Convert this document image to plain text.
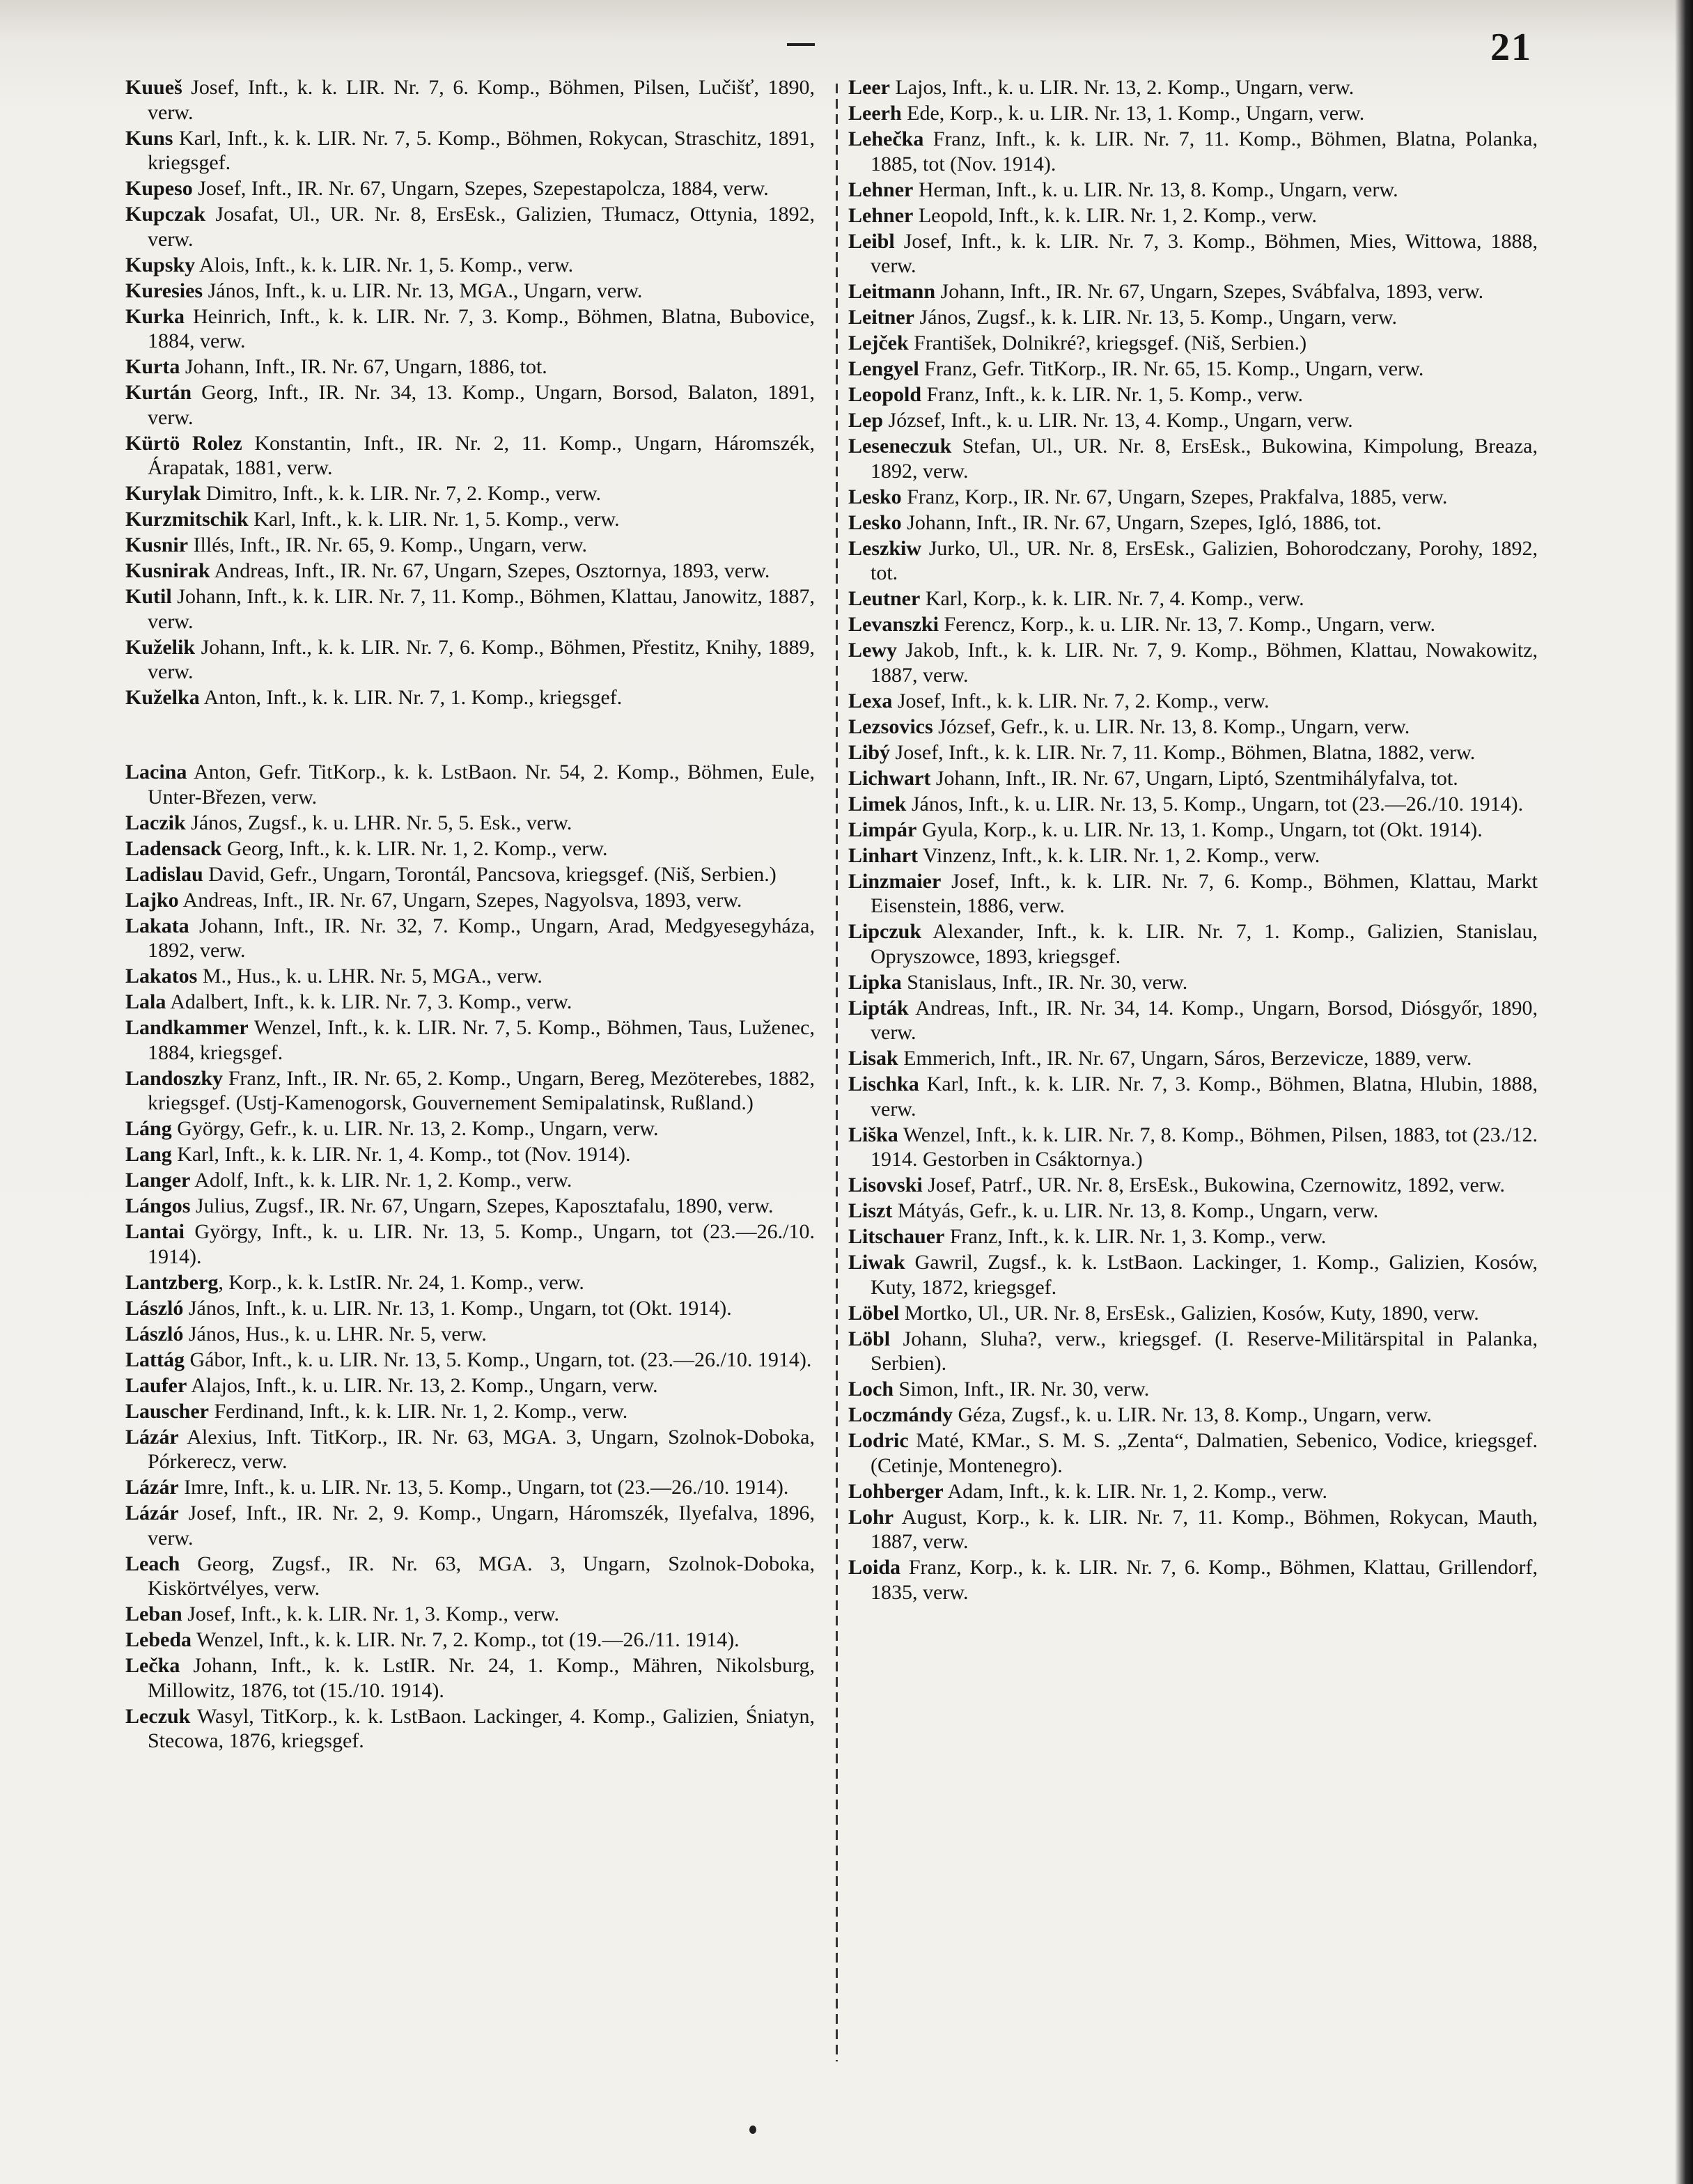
21
Kuueš Josef, Inft., k. k. LIR. Nr. 7, 6. Komp., Böhmen, Pilsen, Lučišť, 1890, verw.
Kuns Karl, Inft., k. k. LIR. Nr. 7, 5. Komp., Böhmen, Rokycan, Straschitz, 1891, kriegsgef.
Kupeso Josef, Inft., IR. Nr. 67, Ungarn, Szepes, Szepestapolcza, 1884, verw.
Kupczak Josafat, Ul., UR. Nr. 8, ErsEsk., Galizien, Tłumacz, Ottynia, 1892, verw.
Kupsky Alois, Inft., k. k. LIR. Nr. 1, 5. Komp., verw.
Kuresies János, Inft., k. u. LIR. Nr. 13, MGA., Ungarn, verw.
Kurka Heinrich, Inft., k. k. LIR. Nr. 7, 3. Komp., Böhmen, Blatna, Bubovice, 1884, verw.
Kurta Johann, Inft., IR. Nr. 67, Ungarn, 1886, tot.
Kurtán Georg, Inft., IR. Nr. 34, 13. Komp., Ungarn, Borsod, Balaton, 1891, verw.
Kürtö Rolez Konstantin, Inft., IR. Nr. 2, 11. Komp., Ungarn, Háromszék, Árapatak, 1881, verw.
Kurylak Dimitro, Inft., k. k. LIR. Nr. 7, 2. Komp., verw.
Kurzmitschik Karl, Inft., k. k. LIR. Nr. 1, 5. Komp., verw.
Kusnir Illés, Inft., IR. Nr. 65, 9. Komp., Ungarn, verw.
Kusnirak Andreas, Inft., IR. Nr. 67, Ungarn, Szepes, Osztornya, 1893, verw.
Kutil Johann, Inft., k. k. LIR. Nr. 7, 11. Komp., Böhmen, Klattau, Janowitz, 1887, verw.
Kuželik Johann, Inft., k. k. LIR. Nr. 7, 6. Komp., Böhmen, Přestitz, Knihy, 1889, verw.
Kuželka Anton, Inft., k. k. LIR. Nr. 7, 1. Komp., kriegsgef.
Lacina Anton, Gefr. TitKorp., k. k. LstBaon. Nr. 54, 2. Komp., Böhmen, Eule, Unter-Březen, verw.
Laczik János, Zugsf., k. u. LHR. Nr. 5, 5. Esk., verw.
Ladensack Georg, Inft., k. k. LIR. Nr. 1, 2. Komp., verw.
Ladislau David, Gefr., Ungarn, Torontál, Pancsova, kriegsgef. (Niš, Serbien.)
Lajko Andreas, Inft., IR. Nr. 67, Ungarn, Szepes, Nagyolsva, 1893, verw.
Lakata Johann, Inft., IR. Nr. 32, 7. Komp., Ungarn, Arad, Medgyesegyháza, 1892, verw.
Lakatos M., Hus., k. u. LHR. Nr. 5, MGA., verw.
Lala Adalbert, Inft., k. k. LIR. Nr. 7, 3. Komp., verw.
Landkammer Wenzel, Inft., k. k. LIR. Nr. 7, 5. Komp., Böhmen, Taus, Luženec, 1884, kriegsgef.
Landoszky Franz, Inft., IR. Nr. 65, 2. Komp., Ungarn, Bereg, Mezöterebes, 1882, kriegsgef. (Ustj-Kamenogorsk, Gouvernement Semipalatinsk, Rußland.)
Láng György, Gefr., k. u. LIR. Nr. 13, 2. Komp., Ungarn, verw.
Lang Karl, Inft., k. k. LIR. Nr. 1, 4. Komp., tot (Nov. 1914).
Langer Adolf, Inft., k. k. LIR. Nr. 1, 2. Komp., verw.
Lángos Julius, Zugsf., IR. Nr. 67, Ungarn, Szepes, Kaposztafalu, 1890, verw.
Lantai György, Inft., k. u. LIR. Nr. 13, 5. Komp., Ungarn, tot (23.—26./10. 1914).
Lantzberg, Korp., k. k. LstIR. Nr. 24, 1. Komp., verw.
László János, Inft., k. u. LIR. Nr. 13, 1. Komp., Ungarn, tot (Okt. 1914).
László János, Hus., k. u. LHR. Nr. 5, verw.
Lattág Gábor, Inft., k. u. LIR. Nr. 13, 5. Komp., Ungarn, tot. (23.—26./10. 1914).
Laufer Alajos, Inft., k. u. LIR. Nr. 13, 2. Komp., Ungarn, verw.
Lauscher Ferdinand, Inft., k. k. LIR. Nr. 1, 2. Komp., verw.
Lázár Alexius, Inft. TitKorp., IR. Nr. 63, MGA. 3, Ungarn, Szolnok-Doboka, Pórkerecz, verw.
Lázár Imre, Inft., k. u. LIR. Nr. 13, 5. Komp., Ungarn, tot (23.—26./10. 1914).
Lázár Josef, Inft., IR. Nr. 2, 9. Komp., Ungarn, Háromszék, Ilyefalva, 1896, verw.
Leach Georg, Zugsf., IR. Nr. 63, MGA. 3, Ungarn, Szolnok-Doboka, Kiskörtvélyes, verw.
Leban Josef, Inft., k. k. LIR. Nr. 1, 3. Komp., verw.
Lebeda Wenzel, Inft., k. k. LIR. Nr. 7, 2. Komp., tot (19.—26./11. 1914).
Lečka Johann, Inft., k. k. LstIR. Nr. 24, 1. Komp., Mähren, Nikolsburg, Millowitz, 1876, tot (15./10. 1914).
Leczuk Wasyl, TitKorp., k. k. LstBaon. Lackinger, 4. Komp., Galizien, Śniatyn, Stecowa, 1876, kriegsgef.
Leer Lajos, Inft., k. u. LIR. Nr. 13, 2. Komp., Ungarn, verw.
Leerh Ede, Korp., k. u. LIR. Nr. 13, 1. Komp., Ungarn, verw.
Lehečka Franz, Inft., k. k. LIR. Nr. 7, 11. Komp., Böhmen, Blatna, Polanka, 1885, tot (Nov. 1914).
Lehner Herman, Inft., k. u. LIR. Nr. 13, 8. Komp., Ungarn, verw.
Lehner Leopold, Inft., k. k. LIR. Nr. 1, 2. Komp., verw.
Leibl Josef, Inft., k. k. LIR. Nr. 7, 3. Komp., Böhmen, Mies, Wittowa, 1888, verw.
Leitmann Johann, Inft., IR. Nr. 67, Ungarn, Szepes, Svábfalva, 1893, verw.
Leitner János, Zugsf., k. k. LIR. Nr. 13, 5. Komp., Ungarn, verw.
Lejček František, Dolnikré?, kriegsgef. (Niš, Serbien.)
Lengyel Franz, Gefr. TitKorp., IR. Nr. 65, 15. Komp., Ungarn, verw.
Leopold Franz, Inft., k. k. LIR. Nr. 1, 5. Komp., verw.
Lep József, Inft., k. u. LIR. Nr. 13, 4. Komp., Ungarn, verw.
Leseneczuk Stefan, Ul., UR. Nr. 8, ErsEsk., Bukowina, Kimpolung, Breaza, 1892, verw.
Lesko Franz, Korp., IR. Nr. 67, Ungarn, Szepes, Prakfalva, 1885, verw.
Lesko Johann, Inft., IR. Nr. 67, Ungarn, Szepes, Igló, 1886, tot.
Leszkiw Jurko, Ul., UR. Nr. 8, ErsEsk., Galizien, Bohorodczany, Porohy, 1892, tot.
Leutner Karl, Korp., k. k. LIR. Nr. 7, 4. Komp., verw.
Levanszki Ferencz, Korp., k. u. LIR. Nr. 13, 7. Komp., Ungarn, verw.
Lewy Jakob, Inft., k. k. LIR. Nr. 7, 9. Komp., Böhmen, Klattau, Nowakowitz, 1887, verw.
Lexa Josef, Inft., k. k. LIR. Nr. 7, 2. Komp., verw.
Lezsovics József, Gefr., k. u. LIR. Nr. 13, 8. Komp., Ungarn, verw.
Libý Josef, Inft., k. k. LIR. Nr. 7, 11. Komp., Böhmen, Blatna, 1882, verw.
Lichwart Johann, Inft., IR. Nr. 67, Ungarn, Liptó, Szentmihályfalva, tot.
Limek János, Inft., k. u. LIR. Nr. 13, 5. Komp., Ungarn, tot (23.—26./10. 1914).
Limpár Gyula, Korp., k. u. LIR. Nr. 13, 1. Komp., Ungarn, tot (Okt. 1914).
Linhart Vinzenz, Inft., k. k. LIR. Nr. 1, 2. Komp., verw.
Linzmaier Josef, Inft., k. k. LIR. Nr. 7, 6. Komp., Böhmen, Klattau, Markt Eisenstein, 1886, verw.
Lipczuk Alexander, Inft., k. k. LIR. Nr. 7, 1. Komp., Galizien, Stanislau, Opryszowce, 1893, kriegsgef.
Lipka Stanislaus, Inft., IR. Nr. 30, verw.
Lipták Andreas, Inft., IR. Nr. 34, 14. Komp., Ungarn, Borsod, Diósgyőr, 1890, verw.
Lisak Emmerich, Inft., IR. Nr. 67, Ungarn, Sáros, Berzevicze, 1889, verw.
Lischka Karl, Inft., k. k. LIR. Nr. 7, 3. Komp., Böhmen, Blatna, Hlubin, 1888, verw.
Liška Wenzel, Inft., k. k. LIR. Nr. 7, 8. Komp., Böhmen, Pilsen, 1883, tot (23./12. 1914. Gestorben in Csáktornya.)
Lisovski Josef, Patrf., UR. Nr. 8, ErsEsk., Bukowina, Czernowitz, 1892, verw.
Liszt Mátyás, Gefr., k. u. LIR. Nr. 13, 8. Komp., Ungarn, verw.
Litschauer Franz, Inft., k. k. LIR. Nr. 1, 3. Komp., verw.
Liwak Gawril, Zugsf., k. k. LstBaon. Lackinger, 1. Komp., Galizien, Kosów, Kuty, 1872, kriegsgef.
Löbel Mortko, Ul., UR. Nr. 8, ErsEsk., Galizien, Kosów, Kuty, 1890, verw.
Löbl Johann, Sluha?, verw., kriegsgef. (I. Reserve-Militärspital in Palanka, Serbien).
Loch Simon, Inft., IR. Nr. 30, verw.
Loczmándy Géza, Zugsf., k. u. LIR. Nr. 13, 8. Komp., Ungarn, verw.
Lodric Maté, KMar., S. M. S. „Zenta“, Dalmatien, Sebenico, Vodice, kriegsgef. (Cetinje, Montenegro).
Lohberger Adam, Inft., k. k. LIR. Nr. 1, 2. Komp., verw.
Lohr August, Korp., k. k. LIR. Nr. 7, 11. Komp., Böhmen, Rokycan, Mauth, 1887, verw.
Loida Franz, Korp., k. k. LIR. Nr. 7, 6. Komp., Böhmen, Klattau, Grillendorf, 1835, verw.
